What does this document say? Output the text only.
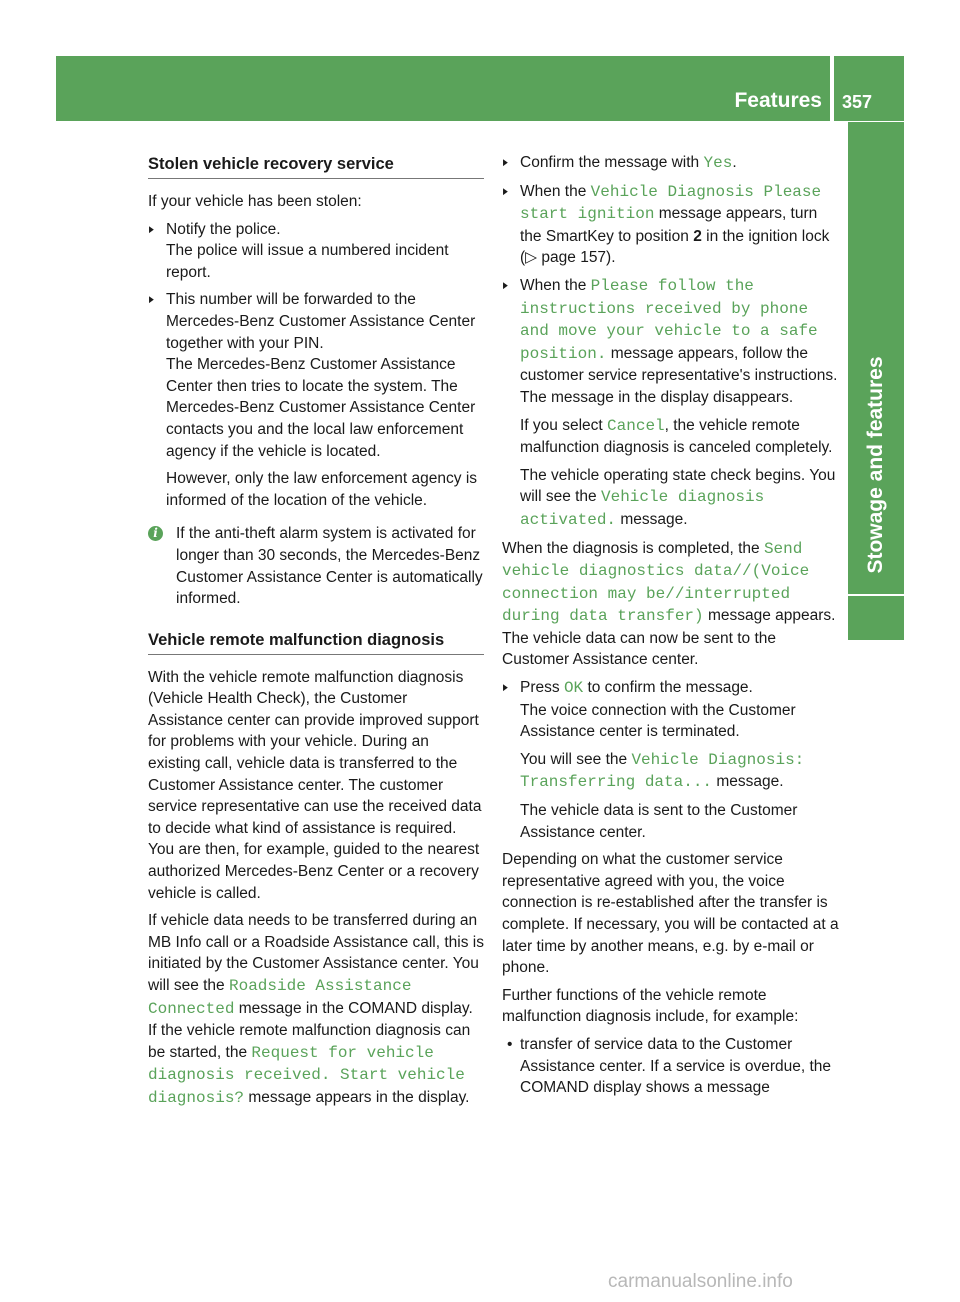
Features 357
Stowage and features
Stolen vehicle recovery service

If your vehicle has been stolen:

▶ Notify the police.

The police will issue a numbered incident report.

▶ This number will be forwarded to the Mercedes-Benz Customer Assistance Center together with your PIN.

The Mercedes-Benz Customer Assistance Center then tries to locate the system. The Mercedes-Benz Customer Assistance Center contacts you and the local law enforcement agency if the vehicle is located.

However, only the law enforcement agency is informed of the location of the vehicle.

i	If the anti-theft alarm system is activated for longer than 30 seconds, the Mercedes-Benz Customer Assistance Center is automatically informed.
Vehicle remote malfunction diagnosis

With the vehicle remote malfunction diagnosis (Vehicle Health Check), the Customer Assistance center can provide improved support for problems with your vehicle. During an existing call, vehicle data is transferred to the Customer Assistance center. The customer service representative can use the received data to decide what kind of assistance is required. You are then, for example, guided to the nearest authorized Mercedes-Benz Center or a recovery vehicle is called.

If vehicle data needs to be transferred during an MB Info call or a Roadside Assistance call, this is initiated by the Customer Assistance center. You will see the Roadside Assistance Connected message in the COMAND display. If the vehicle remote malfunction diagnosis can be started, the Request for vehicle diagnosis received. Start vehicle diagnosis? message appears in the display.

▶ Confirm the message with Yes.

▶ When the Vehicle Diagnosis Please start ignition message appears, turn the SmartKey to position 2 in the ignition lock (▷ page 157).

▶ When the Please follow the instructions received by phone and move your vehicle to a safe position. message appears, follow the customer service representative's instructions.

The message in the display disappears.

If you select Cancel, the vehicle remote malfunction diagnosis is canceled completely.

The vehicle operating state check begins. You will see the Vehicle diagnosis activated. message.

When the diagnosis is completed, the Send vehicle diagnostics data//(Voice connection may be//interrupted during data transfer) message appears. The vehicle data can now be sent to the Customer Assistance center.

▶ Press OK to confirm the message.

The voice connection with the Customer Assistance center is terminated.

You will see the Vehicle Diagnosis: Transferring data... message.

The vehicle data is sent to the Customer Assistance center.

Depending on what the customer service representative agreed with you, the voice connection is re-established after the transfer is complete. If necessary, you will be contacted at a later time by another means, e.g. by e-mail or phone.

Further functions of the vehicle remote malfunction diagnosis include, for example:

• transfer of service data to the Customer Assistance center. If a service is overdue, the COMAND display shows a message

carmanualsonline.info
